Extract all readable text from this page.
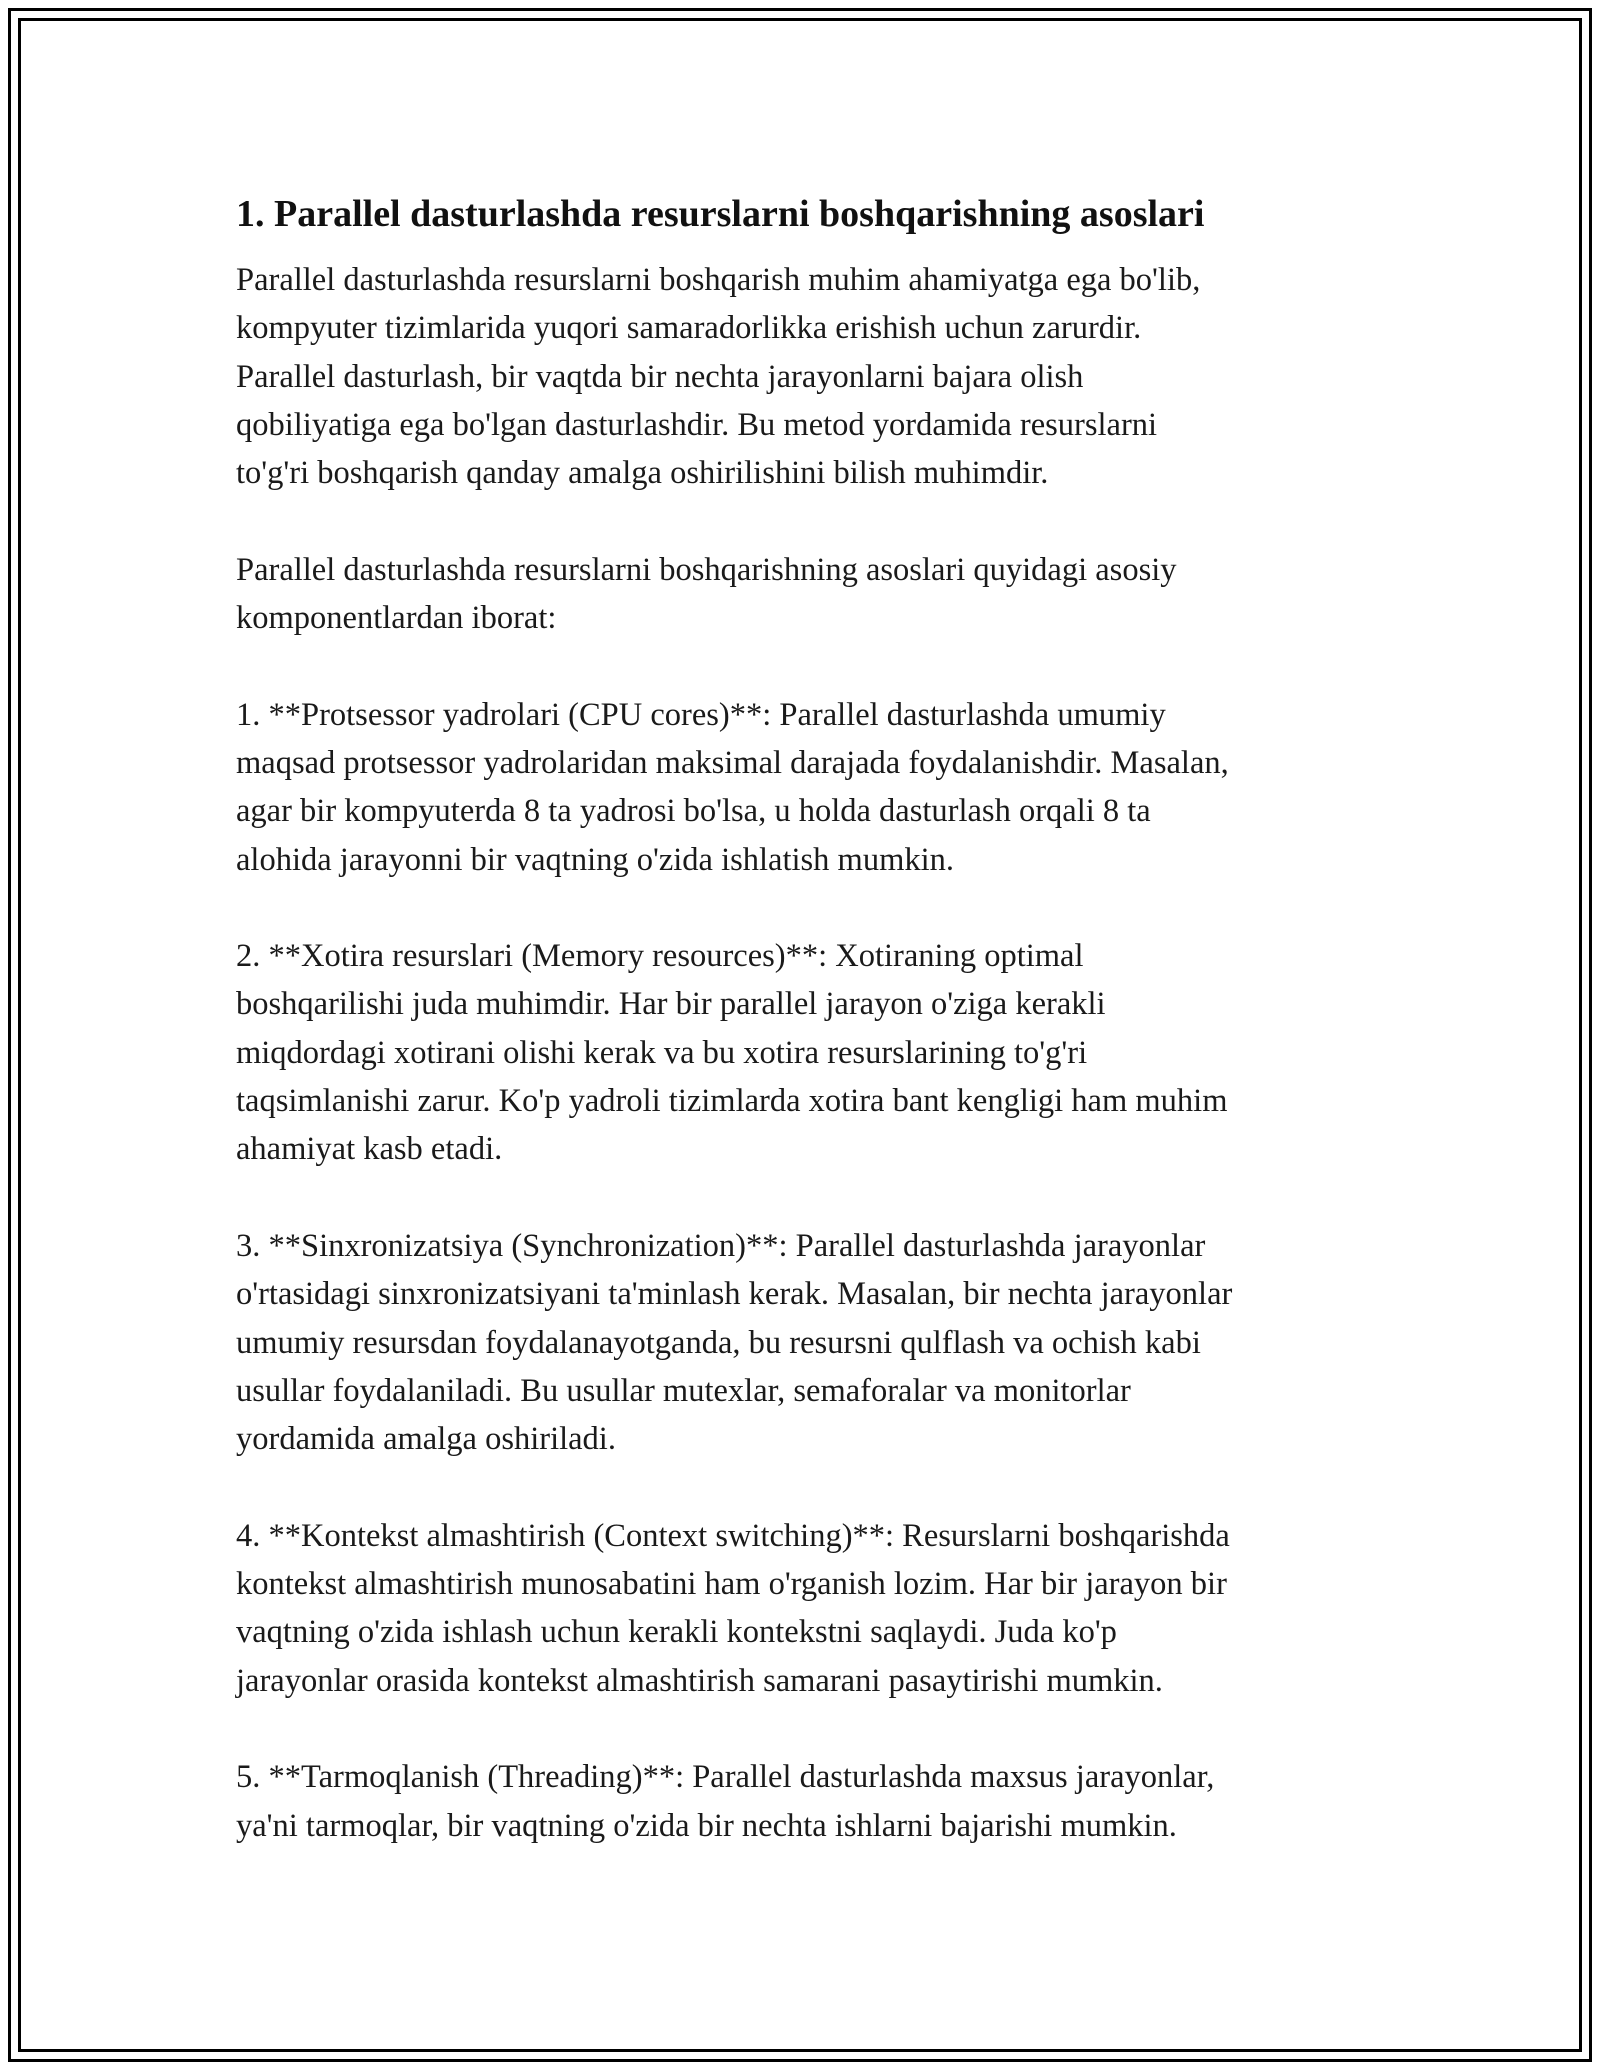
1. Parallel dasturlashda resurslarni boshqarishning asoslari

Parallel dasturlashda resurslarni boshqarish muhim ahamiyatga ega bo'lib,
kompyuter tizimlarida yuqori samaradorlikka erishish uchun zarurdir.
Parallel dasturlash, bir vaqtda bir nechta jarayonlarni bajara olish
qobiliyatiga ega bo'lgan dasturlashdir. Bu metod yordamida resurslarni
to'g'ri boshqarish qanday amalga oshirilishini bilish muhimdir.

Parallel dasturlashda resurslarni boshqarishning asoslari quyidagi asosiy
komponentlardan iborat:

1. **Protsessor yadrolari (CPU cores)**: Parallel dasturlashda umumiy
maqsad protsessor yadrolaridan maksimal darajada foydalanishdir. Masalan,
agar bir kompyuterda 8 ta yadrosi bo'lsa, u holda dasturlash orqali 8 ta
alohida jarayonni bir vaqtning o'zida ishlatish mumkin.

2. **Xotira resurslari (Memory resources)**: Xotiraning optimal
boshqarilishi juda muhimdir. Har bir parallel jarayon o'ziga kerakli
miqdordagi xotirani olishi kerak va bu xotira resurslarining to'g'ri
taqsimlanishi zarur. Ko'p yadroli tizimlarda xotira bant kengligi ham muhim
ahamiyat kasb etadi.

3. **Sinxronizatsiya (Synchronization)**: Parallel dasturlashda jarayonlar
o'rtasidagi sinxronizatsiyani ta'minlash kerak. Masalan, bir nechta jarayonlar
umumiy resursdan foydalanayotganda, bu resursni qulflash va ochish kabi
usullar foydalaniladi. Bu usullar mutexlar, semaforalar va monitorlar
yordamida amalga oshiriladi.

4. **Kontekst almashtirish (Context switching)**: Resurslarni boshqarishda
kontekst almashtirish munosabatini ham o'rganish lozim. Har bir jarayon bir
vaqtning o'zida ishlash uchun kerakli kontekstni saqlaydi. Juda ko'p
jarayonlar orasida kontekst almashtirish samarani pasaytirishi mumkin.

5. **Tarmoqlanish (Threading)**: Parallel dasturlashda maxsus jarayonlar,
ya'ni tarmoqlar, bir vaqtning o'zida bir nechta ishlarni bajarishi mumkin.
